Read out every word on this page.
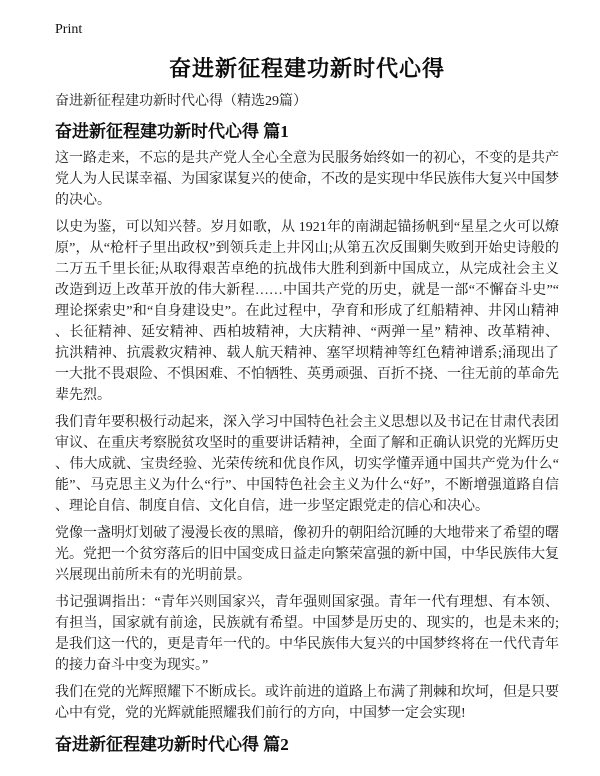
Print
奋进新征程建功新时代心得
奋进新征程建功新时代心得（精选29篇）
奋进新征程建功新时代心得 篇1

这一路走来，不忘的是共产党人全心全意为民服务始终如一的初心，不变的是共产党人为人民谋幸福、为国家谋复兴的使命，不改的是实现中华民族伟大复兴中国梦的决心。

以史为鉴，可以知兴替。岁月如歌，从 1921年的南湖起锚扬帆到“星星之火可以燎原”，从“枪杆子里出政权”到领兵走上井冈山;从第五次反围剿失败到开始史诗般的二万五千里长征;从取得艰苦卓绝的抗战伟大胜利到新中国成立，从完成社会主义改造到迈上改革开放的伟大新程……中国共产党的历史，就是一部“不懈奋斗史”“理论探索史”和“自身建设史”。在此过程中，孕育和形成了红船精神、井冈山精神、长征精神、延安精神、西柏坡精神，大庆精神、“两弹一星” 精神、改革精神、抗洪精神、抗震救灾精神、载人航天精神、塞罕坝精神等红色精神谱系;涌现出了一大批不畏艰险、不惧困难、不怕牺牲、英勇顽强、百折不挠、一往无前的革命先辈先烈。

我们青年要积极行动起来，深入学习中国特色社会主义思想以及书记在甘肃代表团审议、在重庆考察脱贫攻坚时的重要讲话精神，全面了解和正确认识党的光辉历史、伟大成就、宝贵经验、光荣传统和优良作风，切实学懂弄通中国共产党为什么“能”、马克思主义为什么“行”、中国特色社会主义为什么“好”，不断增强道路自信、理论自信、制度自信、文化自信，进一步坚定跟党走的信心和决心。

党像一盏明灯划破了漫漫长夜的黑暗，像初升的朝阳给沉睡的大地带来了希望的曙光。党把一个贫穷落后的旧中国变成日益走向繁荣富强的新中国，中华民族伟大复兴展现出前所未有的光明前景。

书记强调指出：“青年兴则国家兴，青年强则国家强。青年一代有理想、有本领、有担当，国家就有前途，民族就有希望。中国梦是历史的、现实的，也是未来的;是我们这一代的，更是青年一代的。中华民族伟大复兴的中国梦终将在一代代青年的接力奋斗中变为现实。”

我们在党的光辉照耀下不断成长。或许前进的道路上布满了荆棘和坎坷，但是只要心中有党，党的光辉就能照耀我们前行的方向，中国梦一定会实现!

奋进新征程建功新时代心得 篇2
